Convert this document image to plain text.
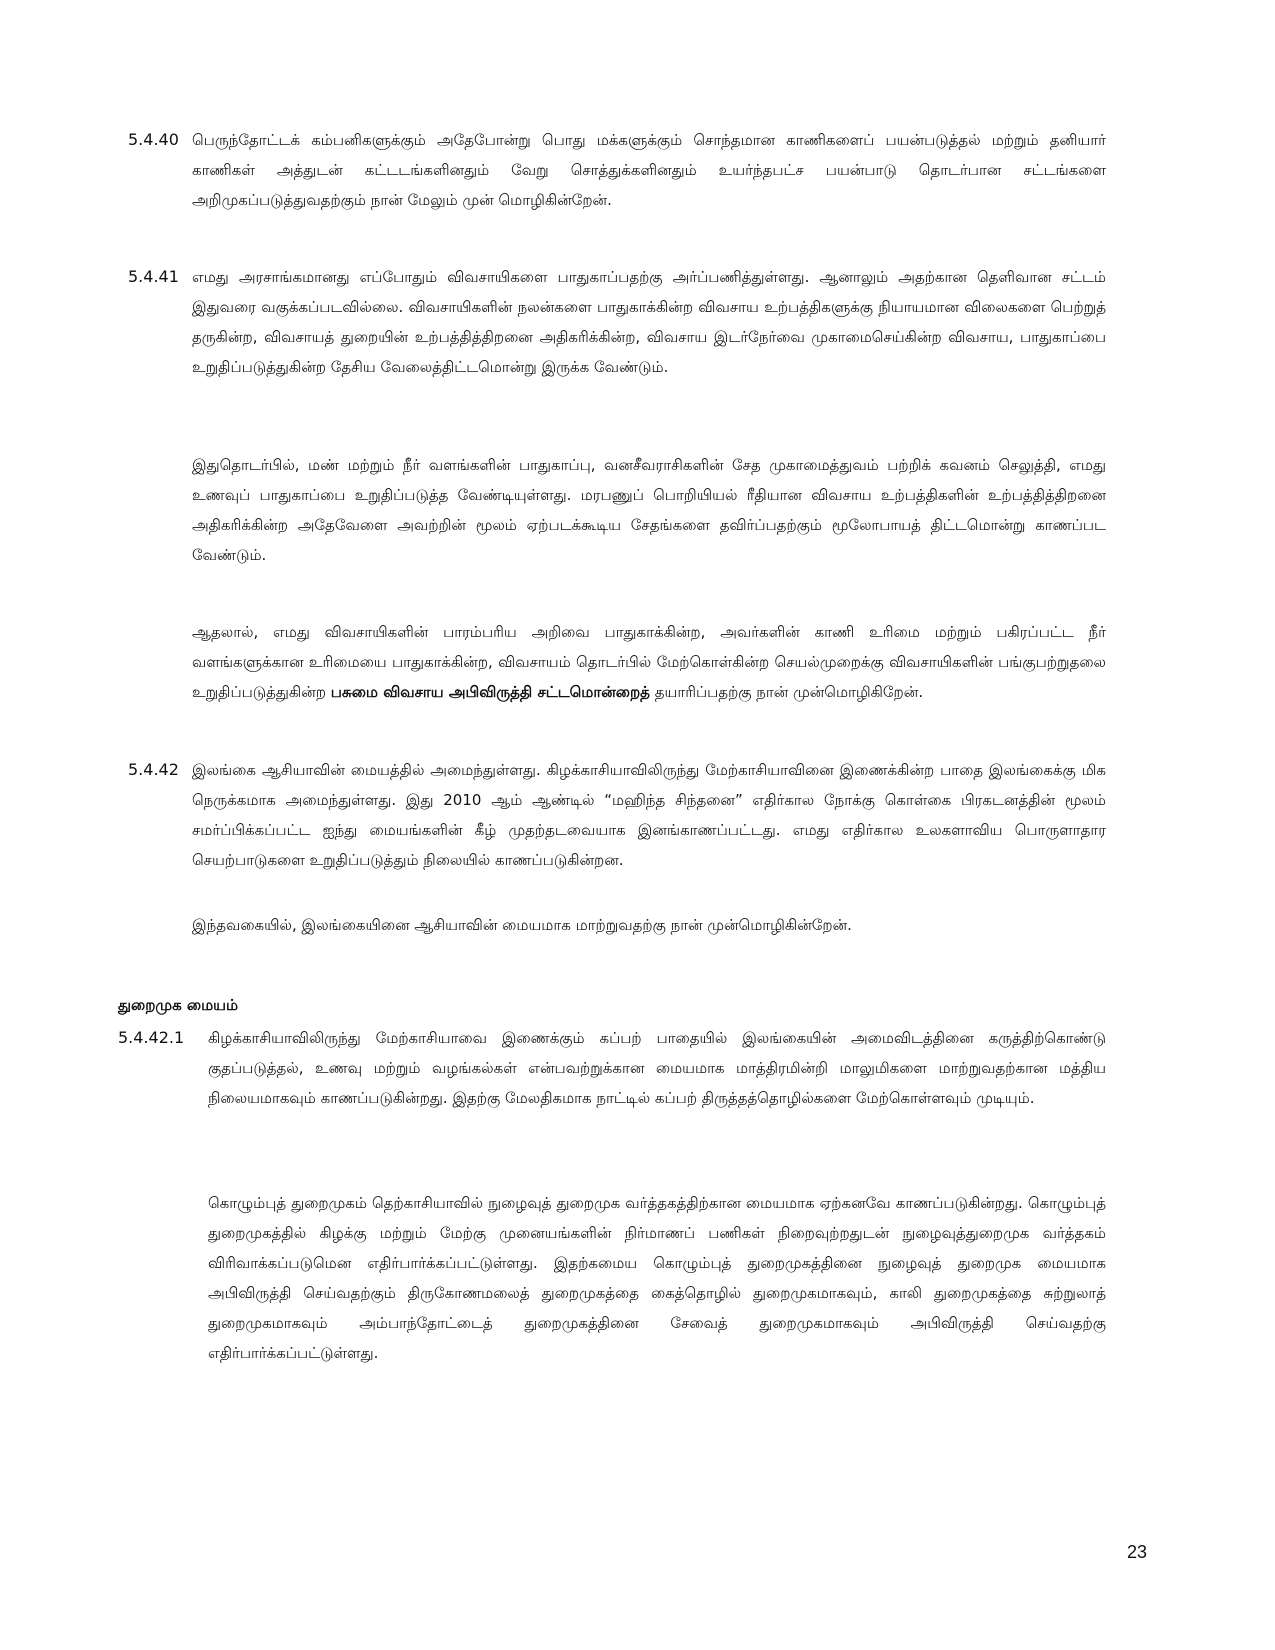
5.4.40 பெருந்தோட்டக் கம்பனிகளுக்கும் அதேபோன்று பொது மக்களுக்கும் சொந்தமான காணிகளைப் பயன்படுத்தல் மற்றும் தனியார் காணிகள் அத்துடன் கட்டடங்களினதும் வேறு சொத்துக்களினதும் உயர்ந்தபட்ச பயன்பாடு தொடர்பான சட்டங்களை அறிமுகப்படுத்துவதற்கும் நான் மேலும் முன் மொழிகின்றேன்.

5.4.41 எமது அரசாங்கமானது எப்போதும் விவசாயிகளை பாதுகாப்பதற்கு அர்ப்பணித்துள்ளது. ஆனாலும் அதற்கான தெளிவான சட்டம் இதுவரை வகுக்கப்படவில்லை. விவசாயிகளின் நலன்களை பாதுகாக்கின்ற விவசாய உற்பத்திகளுக்கு நியாயமான விலைகளை பெற்றுத் தருகின்ற, விவசாயத் துறையின் உற்பத்தித்திறனை அதிகரிக்கின்ற, விவசாய இடர்நேர்வை முகாமைசெய்கின்ற விவசாய, பாதுகாப்பை உறுதிப்படுத்துகின்ற தேசிய வேலைத்திட்டமொன்று இருக்க வேண்டும்.

இதுதொடர்பில், மண் மற்றும் நீர் வளங்களின் பாதுகாப்பு, வனசீவராசிகளின் சேத முகாமைத்துவம் பற்றிக் கவனம் செலுத்தி, எமது உணவுப் பாதுகாப்பை உறுதிப்படுத்த வேண்டியுள்ளது. மரபணுப் பொறியியல் ரீதியான விவசாய உற்பத்திகளின் உற்பத்தித்திறனை அதிகரிக்கின்ற அதேவேளை அவற்றின் மூலம் ஏற்படக்கூடிய சேதங்களை தவிர்ப்பதற்கும் மூலோபாயத் திட்டமொன்று காணப்பட வேண்டும்.

ஆதலால், எமது விவசாயிகளின் பாரம்பரிய அறிவை பாதுகாக்கின்ற, அவர்களின் காணி உரிமை மற்றும் பகிரப்பட்ட நீர் வளங்களுக்கான உரிமையை பாதுகாக்கின்ற, விவசாயம் தொடர்பில் மேற்கொள்கின்ற செயல்முறைக்கு விவசாயிகளின் பங்குபற்றுதலை உறுதிப்படுத்துகின்ற பசுமை விவசாய அபிவிருத்தி சட்டமொன்றைத் தயாரிப்பதற்கு நான் முன்மொழிகிறேன்.

5.4.42 இலங்கை ஆசியாவின் மையத்தில் அமைந்துள்ளது. கிழக்காசியாவிலிருந்து மேற்காசியாவினை இணைக்கின்ற பாதை இலங்கைக்கு மிக நெருக்கமாக அமைந்துள்ளது. இது 2010 ஆம் ஆண்டில் “மஹிந்த சிந்தனை” எதிர்கால நோக்கு கொள்கை பிரகடனத்தின் மூலம் சமர்ப்பிக்கப்பட்ட ஐந்து மையங்களின் கீழ் முதற்தடவையாக இனங்காணப்பட்டது. எமது எதிர்கால உலகளாவிய பொருளாதார செயற்பாடுகளை உறுதிப்படுத்தும் நிலையில் காணப்படுகின்றன.

இந்தவகையில், இலங்கையினை ஆசியாவின் மையமாக மாற்றுவதற்கு நான் முன்மொழிகின்றேன்.

துறைமுக மையம்
5.4.42.1 கிழக்காசியாவிலிருந்து மேற்காசியாவை இணைக்கும் கப்பற் பாதையில் இலங்கையின் அமைவிடத்தினை கருத்திற்கொண்டு குதப்படுத்தல், உணவு மற்றும் வழங்கல்கள் என்பவற்றுக்கான மையமாக மாத்திரமின்றி மாலுமிகளை மாற்றுவதற்கான மத்திய நிலையமாகவும் காணப்படுகின்றது. இதற்கு மேலதிகமாக நாட்டில் கப்பற் திருத்தத்தொழில்களை மேற்கொள்ளவும் முடியும்.

கொழும்புத் துறைமுகம் தெற்காசியாவில் நுழைவுத் துறைமுக வர்த்தகத்திற்கான மையமாக ஏற்கனவே காணப்படுகின்றது. கொழும்புத் துறைமுகத்தில் கிழக்கு மற்றும் மேற்கு முனையங்களின் நிர்மாணப் பணிகள் நிறைவுற்றதுடன் நுழைவுத்துறைமுக வர்த்தகம் விரிவாக்கப்படுமென எதிர்பார்க்கப்பட்டுள்ளது. இதற்கமைய கொழும்புத் துறைமுகத்தினை நுழைவுத் துறைமுக மையமாக அபிவிருத்தி செய்வதற்கும் திருகோணமலைத் துறைமுகத்தை கைத்தொழில் துறைமுகமாகவும், காலி துறைமுகத்தை சுற்றுலாத் துறைமுகமாகவும் அம்பாந்தோட்டைத் துறைமுகத்தினை சேவைத் துறைமுகமாகவும் அபிவிருத்தி செய்வதற்கு எதிர்பார்க்கப்பட்டுள்ளது.

23
